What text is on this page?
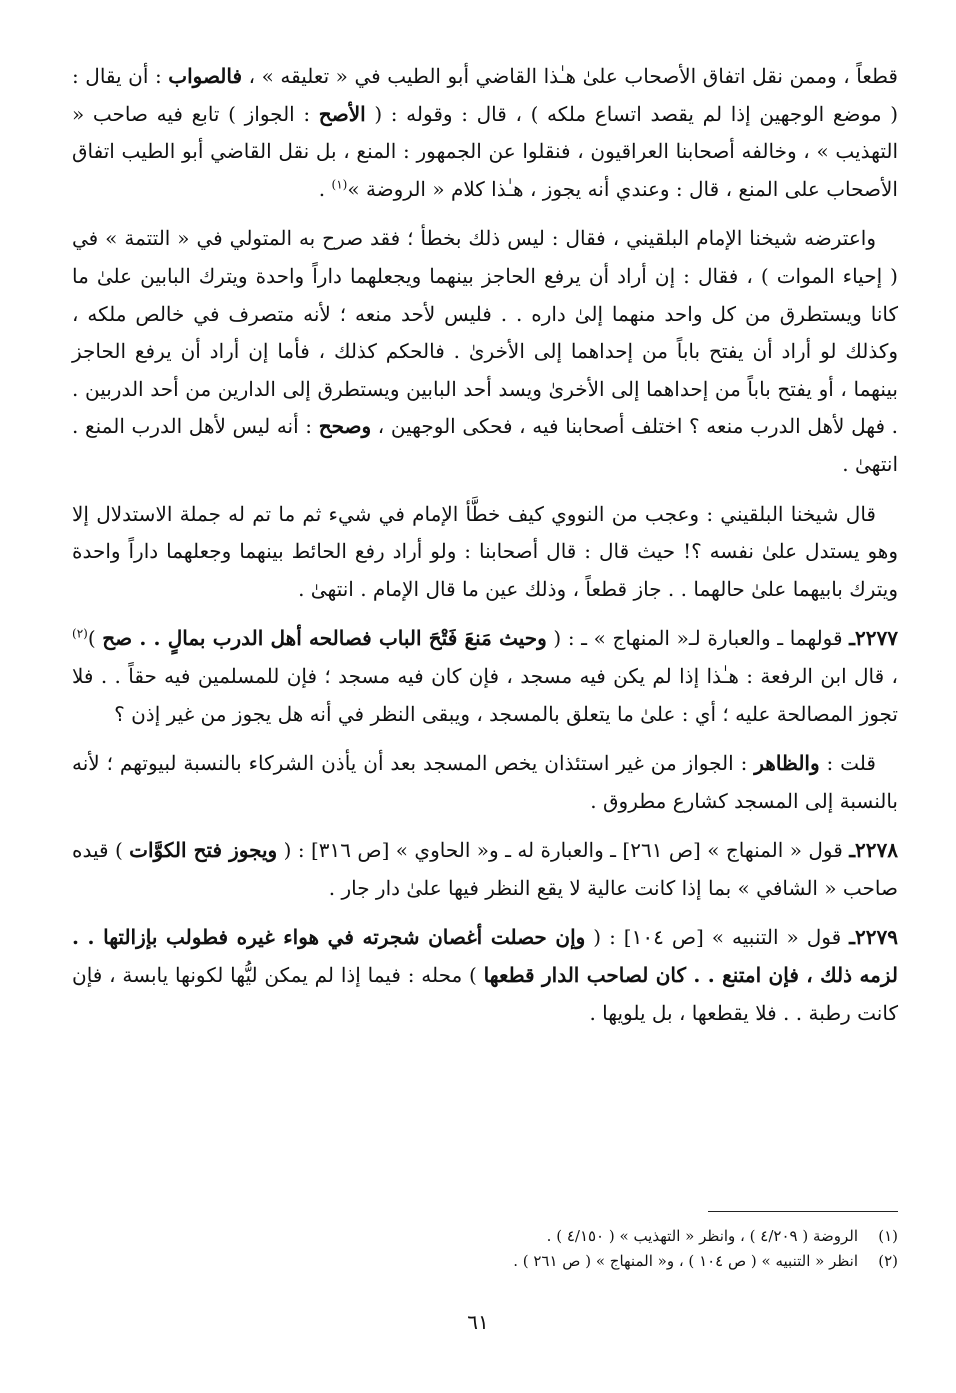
قطعاً ، وممن نقل اتفاق الأصحاب علىٰ هـٰذا القاضي أبو الطيب في « تعليقه » ، فالصواب : أن يقال : ( موضع الوجهين إذا لم يقصد اتساع ملكه ) ، قال : وقوله : ( الأصح : الجواز ) تابع فيه صاحب « التهذيب » ، وخالفه أصحابنا العراقيون ، فنقلوا عن الجمهور : المنع ، بل نقل القاضي أبو الطيب اتفاق الأصحاب على المنع ، قال : وعندي أنه يجوز ، هـٰذا كلام « الروضة »$^{(١)}$ .

واعترضه شيخنا الإمام البلقيني ، فقال : ليس ذلك بخطأ ؛ فقد صرح به المتولي في « التتمة » في ( إحياء الموات ) ، فقال : إن أراد أن يرفع الحاجز بينهما ويجعلهما داراً واحدة ويترك البابين علىٰ ما كانا ويستطرق من كل واحد منهما إلىٰ داره . . فليس لأحد منعه ؛ لأنه متصرف في خالص ملكه ، وكذلك لو أراد أن يفتح باباً من إحداهما إلى الأخرىٰ . فالحكم كذلك ، فأما إن أراد أن يرفع الحاجز بينهما ، أو يفتح باباً من إحداهما إلى الأخرىٰ ويسد أحد البابين ويستطرق إلى الدارين من أحد الدربين . . فهل لأهل الدرب منعه ؟ اختلف أصحابنا فيه ، فحكى الوجهين ، وصحح : أنه ليس لأهل الدرب المنع . انتهىٰ .

قال شيخنا البلقيني : وعجب من النووي كيف خطَّأ الإمام في شيء ثم ما تم له جملة الاستدلال إلا وهو يستدل علىٰ نفسه ؟! حيث قال : قال أصحابنا : ولو أراد رفع الحائط بينهما وجعلهما داراً واحدة ويترك بابيهما علىٰ حالهما . . جاز قطعاً ، وذلك عين ما قال الإمام . انتهىٰ .

٢٢٧٧ـ قولهما ـ والعبارة لـ« المنهاج » ـ : ( وحيث مَنعَ فَتْحَ الباب فصالحه أهل الدرب بمالٍ . . صح )$^{(٢)}$ ، قال ابن الرفعة : هـٰذا إذا لم يكن فيه مسجد ، فإن كان فيه مسجد ؛ فإن للمسلمين فيه حقاً . . فلا تجوز المصالحة عليه ؛ أي : علىٰ ما يتعلق بالمسجد ، ويبقى النظر في أنه هل يجوز من غير إذن ؟

قلت : والظاهر : الجواز من غير استئذان يخص المسجد بعد أن يأذن الشركاء بالنسبة لبيوتهم ؛ لأنه بالنسبة إلى المسجد كشارع مطروق .

٢٢٧٨ـ قول « المنهاج » [ص ٢٦١] ـ والعبارة له ـ و« الحاوي » [ص ٣١٦] : ( ويجوز فتح الكوَّات ) قيده صاحب « الشافي » بما إذا كانت عالية لا يقع النظر فيها علىٰ دار جار .

٢٢٧٩ـ قول « التنبيه » [ص ١٠٤] : ( وإن حصلت أغصان شجرته في هواء غيره فطولب بإزالتها . . لزمه ذلك ، فإن امتنع . . كان لصاحب الدار قطعها ) محله : فيما إذا لم يمكن ليُّها لكونها يابسة ، فإن كانت رطبة . . فلا يقطعها ، بل يلويها .

(١)
الروضة ( ٤/٢٠٩ ) ، وانظر « التهذيب » ( ٤/١٥٠ ) .
(٢)
انظر « التنبيه » ( ص ١٠٤ ) ، و« المنهاج » ( ص ٢٦١ ) .
٦١
